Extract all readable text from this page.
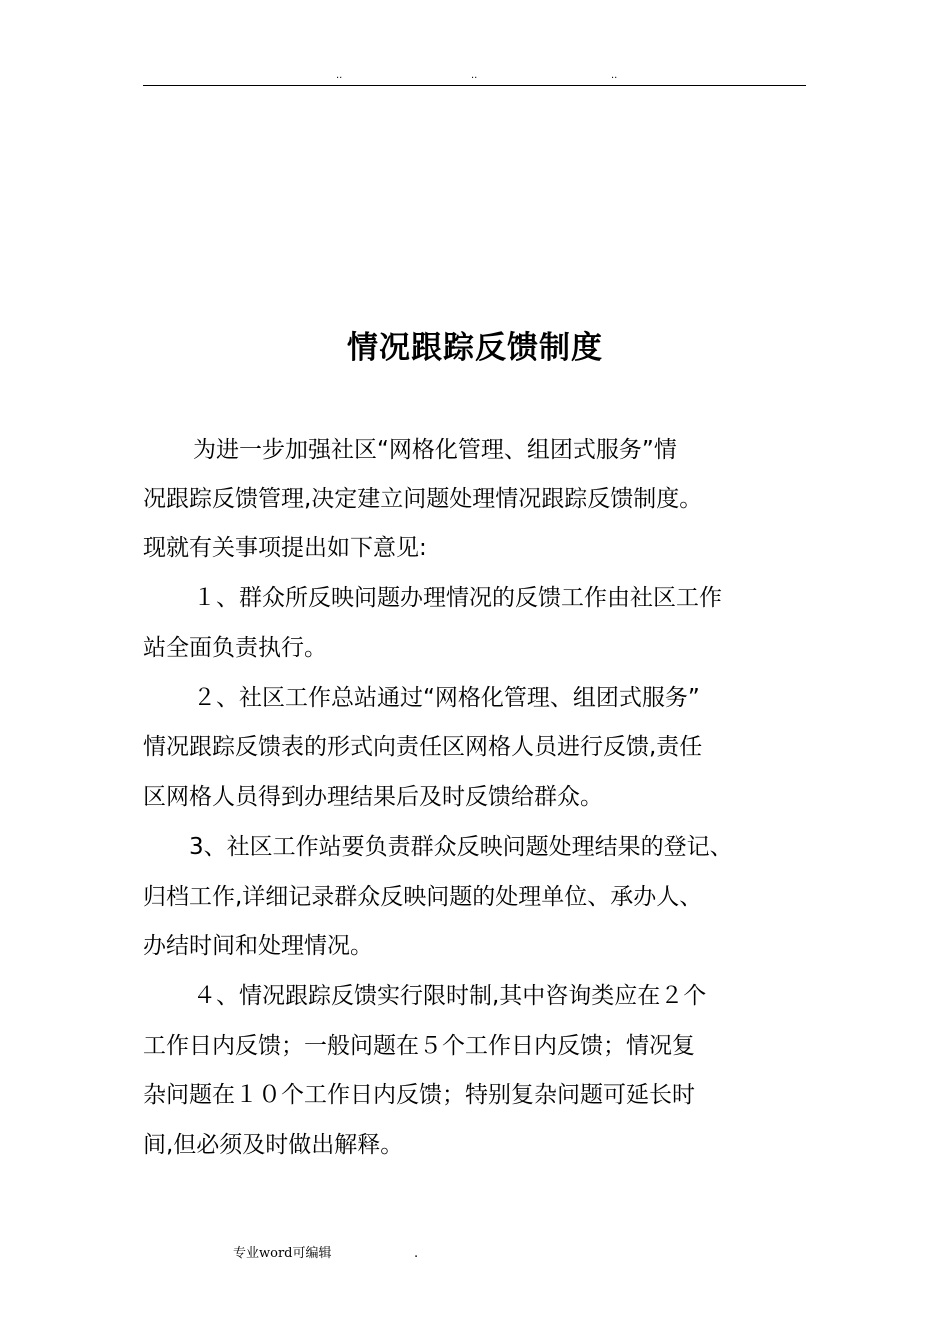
..	..	..
情况跟踪反馈制度
为进一步加强社区“网格化管理、组团式服务”情
况跟踪反馈管理,决定建立问题处理情况跟踪反馈制度。
现就有关事项提出如下意见:
１、群众所反映问题办理情况的反馈工作由社区工作
站全面负责执行。
２、社区工作总站通过“网格化管理、组团式服务”
情况跟踪反馈表的形式向责任区网格人员进行反馈,责任
区网格人员得到办理结果后及时反馈给群众。
3、社区工作站要负责群众反映问题处理结果的登记、
归档工作,详细记录群众反映问题的处理单位、承办人、
办结时间和处理情况。
４、情况跟踪反馈实行限时制,其中咨询类应在２个
工作日内反馈；一般问题在５个工作日内反馈；情况复
杂问题在１０个工作日内反馈；特别复杂问题可延长时
间,但必须及时做出解释。
专业word可编辑	.
